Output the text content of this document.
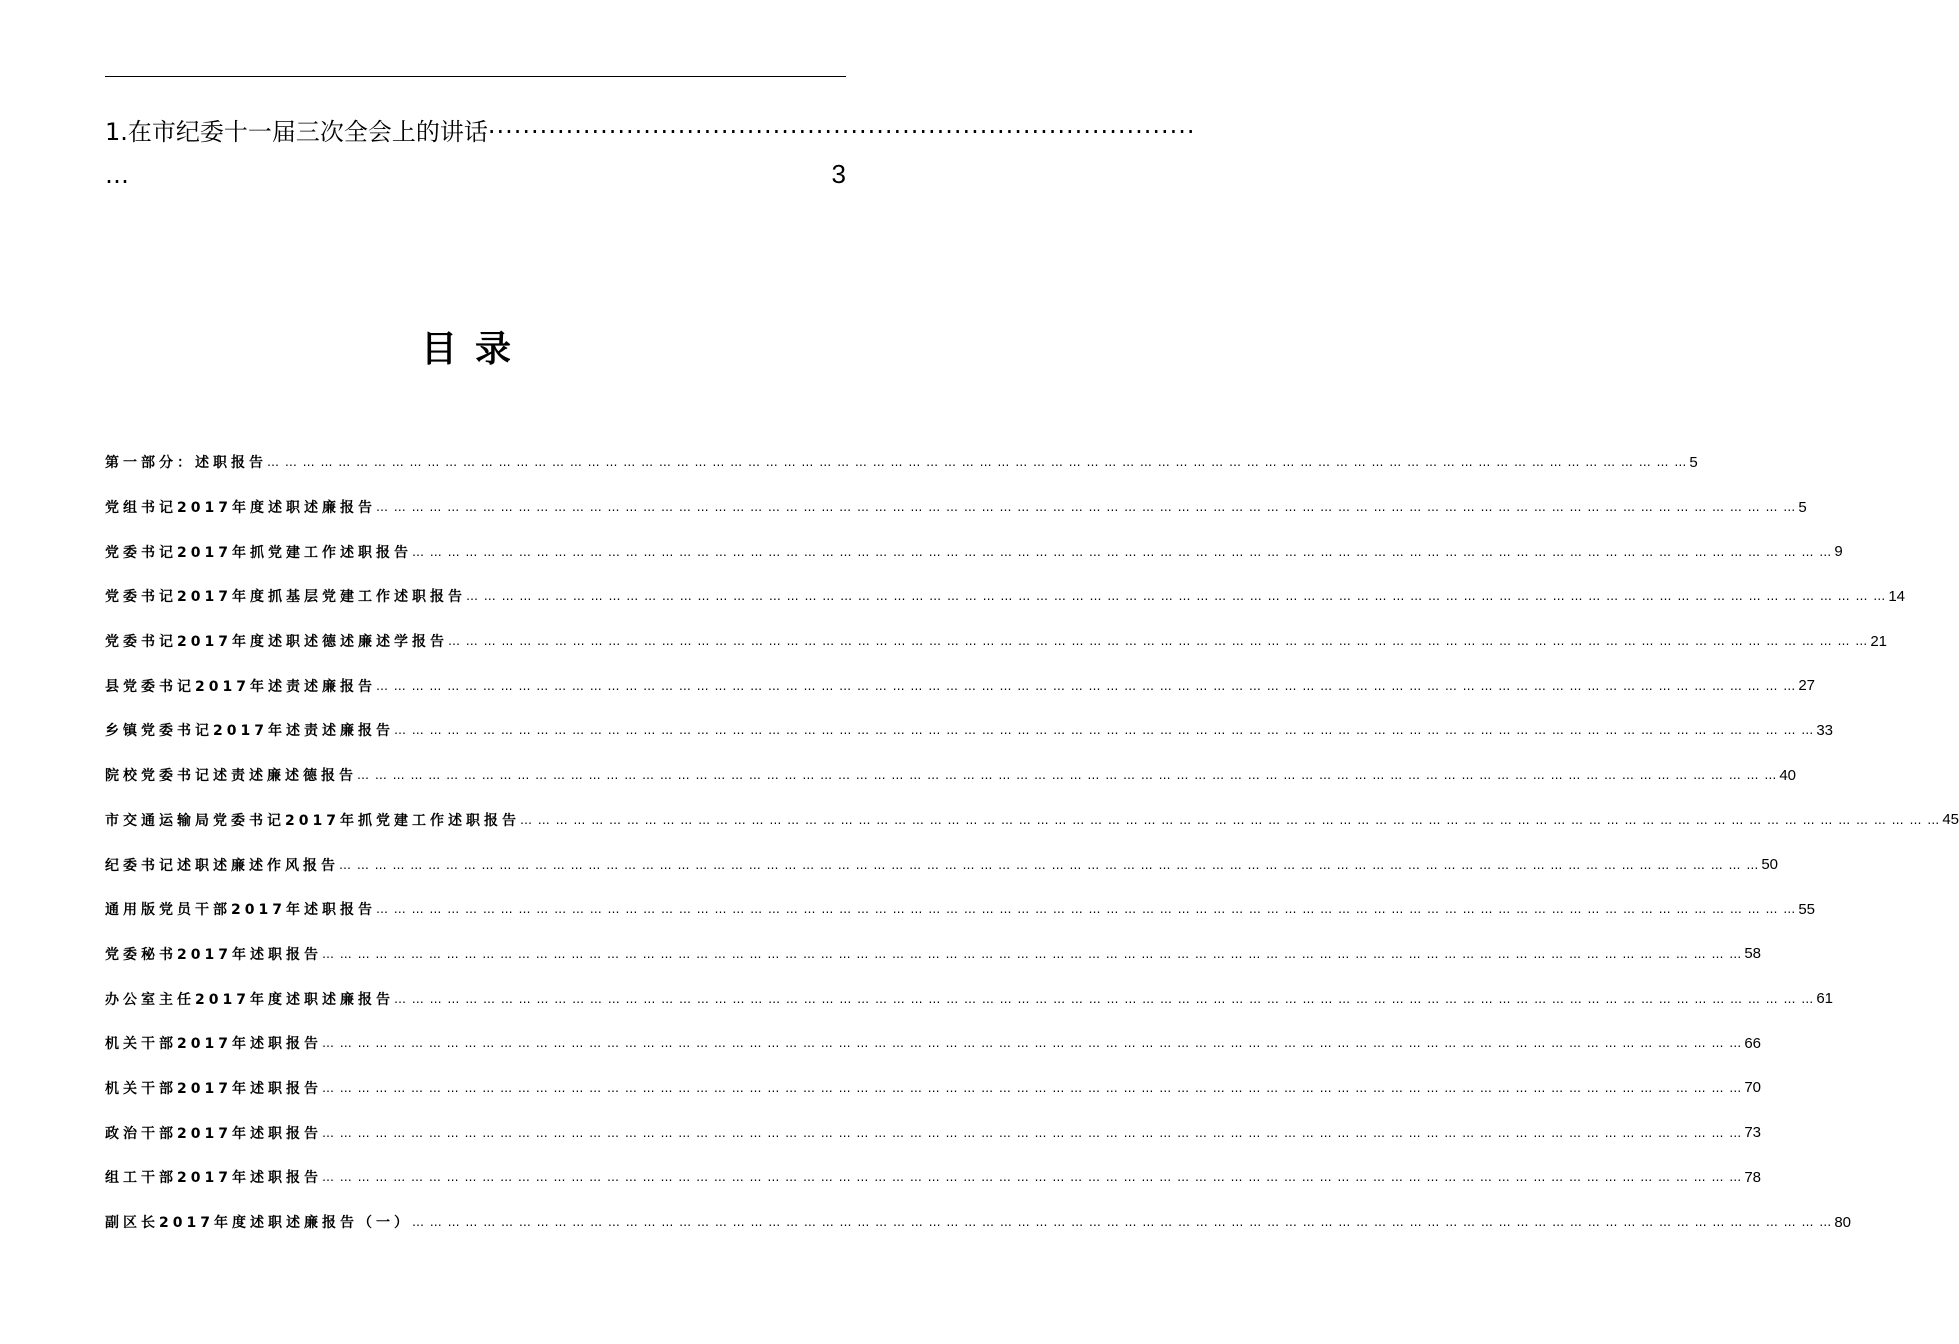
1.在市纪委十一届三次全会上的讲话 ··················································································
…	3
目录
第一部分：述职报告 … … … … … … … … … … … … … … … … … … … … … … … … … … … … … … … … … … … … … … … … … … … … … … … … … … … … … … … … … … … … … … … … … … … … … … … … … … … … … … … … 5
党组书记2017年度述职述廉报告 … … … … … … … … … … … … … … … … … … … … … … … … … … … … … … … … … … … … … … … … … … … … … … … … … … … … … … … … … … … … … … … … … … … … … … … … … … … … … … … … 5
党委书记2017年抓党建工作述职报告 … … … … … … … … … … … … … … … … … … … … … … … … … … … … … … … … … … … … … … … … … … … … … … … … … … … … … … … … … … … … … … … … … … … … … … … … … … … … … … … … 9
党委书记2017年度抓基层党建工作述职报告 … … … … … … … … … … … … … … … … … … … … … … … … … … … … … … … … … … … … … … … … … … … … … … … … … … … … … … … … … … … … … … … … … … … … … … … … … … … … … … … … 14
党委书记2017年度述职述德述廉述学报告 … … … … … … … … … … … … … … … … … … … … … … … … … … … … … … … … … … … … … … … … … … … … … … … … … … … … … … … … … … … … … … … … … … … … … … … … … … … … … … … … 21
县党委书记2017年述责述廉报告 … … … … … … … … … … … … … … … … … … … … … … … … … … … … … … … … … … … … … … … … … … … … … … … … … … … … … … … … … … … … … … … … … … … … … … … … … … … … … … … … 27
乡镇党委书记2017年述责述廉报告 … … … … … … … … … … … … … … … … … … … … … … … … … … … … … … … … … … … … … … … … … … … … … … … … … … … … … … … … … … … … … … … … … … … … … … … … … … … … … … … … 33
院校党委书记述责述廉述德报告 … … … … … … … … … … … … … … … … … … … … … … … … … … … … … … … … … … … … … … … … … … … … … … … … … … … … … … … … … … … … … … … … … … … … … … … … … … … … … … … … 40
市交通运输局党委书记2017年抓党建工作述职报告 … … … … … … … … … … … … … … … … … … … … … … … … … … … … … … … … … … … … … … … … … … … … … … … … … … … … … … … … … … … … … … … … … … … … … … … … … … … … … … … … 45
纪委书记述职述廉述作风报告 … … … … … … … … … … … … … … … … … … … … … … … … … … … … … … … … … … … … … … … … … … … … … … … … … … … … … … … … … … … … … … … … … … … … … … … … … … … … … … … … 50
通用版党员干部2017年述职报告 … … … … … … … … … … … … … … … … … … … … … … … … … … … … … … … … … … … … … … … … … … … … … … … … … … … … … … … … … … … … … … … … … … … … … … … … … … … … … … … … 55
党委秘书2017年述职报告 … … … … … … … … … … … … … … … … … … … … … … … … … … … … … … … … … … … … … … … … … … … … … … … … … … … … … … … … … … … … … … … … … … … … … … … … … … … … … … … … 58
办公室主任2017年度述职述廉报告 … … … … … … … … … … … … … … … … … … … … … … … … … … … … … … … … … … … … … … … … … … … … … … … … … … … … … … … … … … … … … … … … … … … … … … … … … … … … … … … … 61
机关干部2017年述职报告 … … … … … … … … … … … … … … … … … … … … … … … … … … … … … … … … … … … … … … … … … … … … … … … … … … … … … … … … … … … … … … … … … … … … … … … … … … … … … … … … 66
机关干部2017年述职报告 … … … … … … … … … … … … … … … … … … … … … … … … … … … … … … … … … … … … … … … … … … … … … … … … … … … … … … … … … … … … … … … … … … … … … … … … … … … … … … … … 70
政治干部2017年述职报告 … … … … … … … … … … … … … … … … … … … … … … … … … … … … … … … … … … … … … … … … … … … … … … … … … … … … … … … … … … … … … … … … … … … … … … … … … … … … … … … … 73
组工干部2017年述职报告 … … … … … … … … … … … … … … … … … … … … … … … … … … … … … … … … … … … … … … … … … … … … … … … … … … … … … … … … … … … … … … … … … … … … … … … … … … … … … … … … 78
副区长2017年度述职述廉报告（一） … … … … … … … … … … … … … … … … … … … … … … … … … … … … … … … … … … … … … … … … … … … … … … … … … … … … … … … … … … … … … … … … … … … … … … … … … … … … … … … … 80
